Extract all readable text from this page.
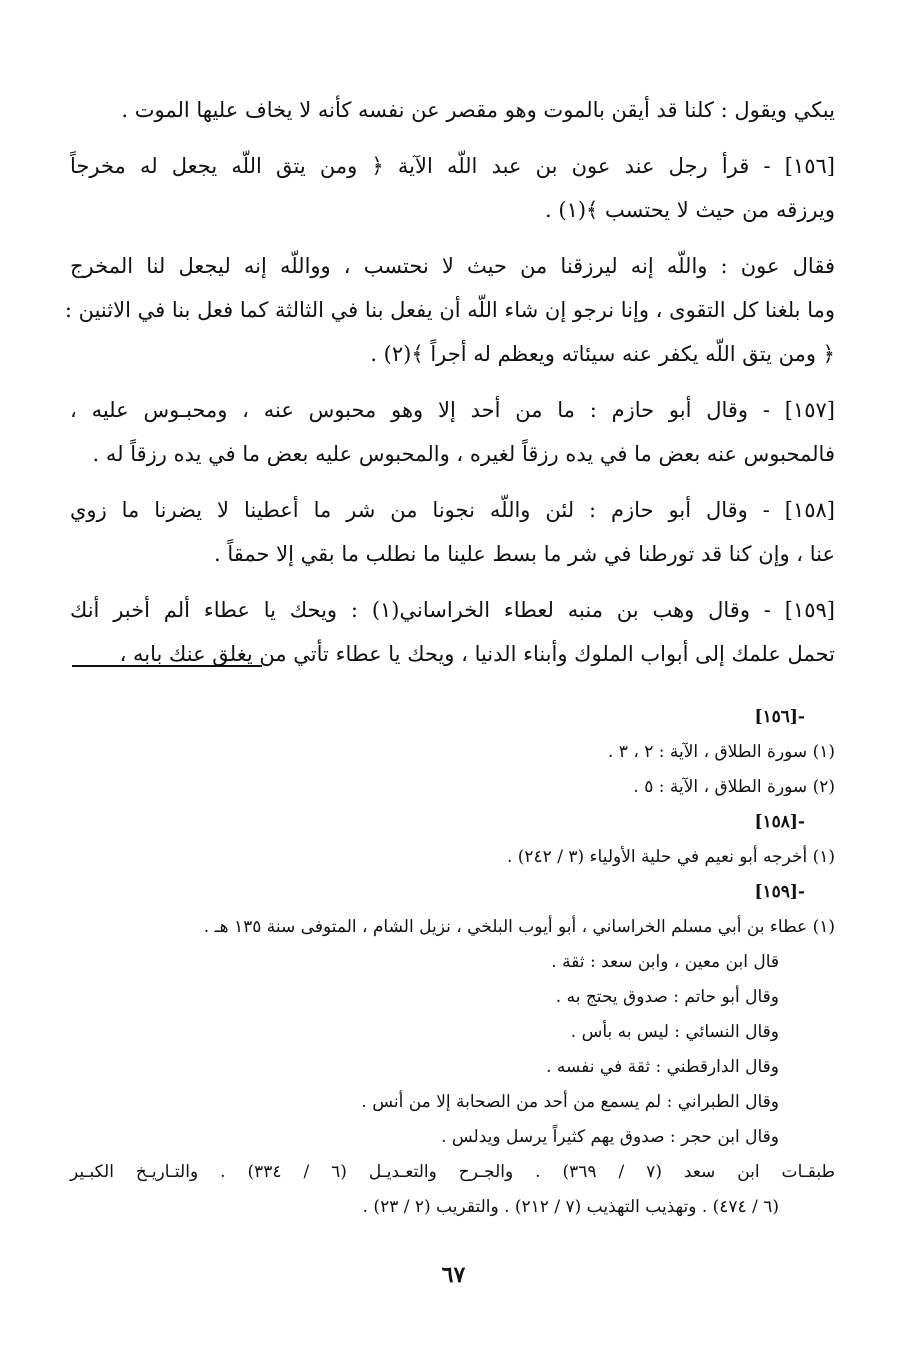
يبكي ويقول : كلنا قد أيقن بالموت وهو مقصر عن نفسه كأنه لا يخاف عليها الموت .
[١٥٦] - قرأ رجل عند عون بن عبد اللّه الآية ﴿ ومن يتق اللّه يجعل له مخرجاً
ويرزقه من حيث لا يحتسب ﴾(١) .
فقال عون : واللّه إنه ليرزقنا من حيث لا نحتسب ، وواللّه إنه ليجعل لنا المخرج
وما بلغنا كل التقوى ، وإنا نرجو إن شاء اللّه أن يفعل بنا في الثالثة كما فعل بنا في الاثنين :
﴿ ومن يتق اللّه يكفر عنه سيئاته ويعظم له أجراً ﴾(٢) .
[١٥٧] - وقال أبو حازم : ما من أحد إلا وهو محبوس عنه ، ومحبـوس عليه ،
فالمحبوس عنه بعض ما في يده رزقاً لغيره ، والمحبوس عليه بعض ما في يده رزقاً له .
[١٥٨] - وقال أبو حازم : لئن واللّه نجونا من شر ما أعطينا لا يضرنا ما زوي
عنا ، وإن كنا قد تورطنا في شر ما بسط علينا ما نطلب ما بقي إلا حمقاً .
[١٥٩] - وقال وهب بن منبه لعطاء الخراساني(١) : ويحك يا عطاء ألم أخبر أنك
تحمل علمك إلى أبواب الملوك وأبناء الدنيا ، ويحك يا عطاء تأتي من يغلق عنك بابه ،
-[١٥٦]
(١) سورة الطلاق ، الآية : ٢ ، ٣ .
(٢) سورة الطلاق ، الآية : ٥ .
-[١٥٨]
(١) أخرجه أبو نعيم في حلية الأولياء (٣ / ٢٤٢) .
-[١٥٩]
(١) عطاء بن أبي مسلم الخراساني ، أبو أيوب البلخي ، نزيل الشام ، المتوفى سنة ١٣٥ هـ .
قال ابن معين ، وابن سعد : ثقة .
وقال أبو حاتم : صدوق يحتج به .
وقال النسائي : ليس به بأس .
وقال الدارقطني : ثقة في نفسه .
وقال الطبراني : لم يسمع من أحد من الصحابة إلا من أنس .
وقال ابن حجر : صدوق يهم كثيراً يرسل ويدلس .
طبقـات ابن سعد (٧ / ٣٦٩) . والجـرح والتعـديـل (٦ / ٣٣٤) . والتـاريـخ الكبـير
(٦ / ٤٧٤) . وتهذيب التهذيب (٧ / ٢١٢) . والتقريب (٢ / ٢٣) .
٦٧
